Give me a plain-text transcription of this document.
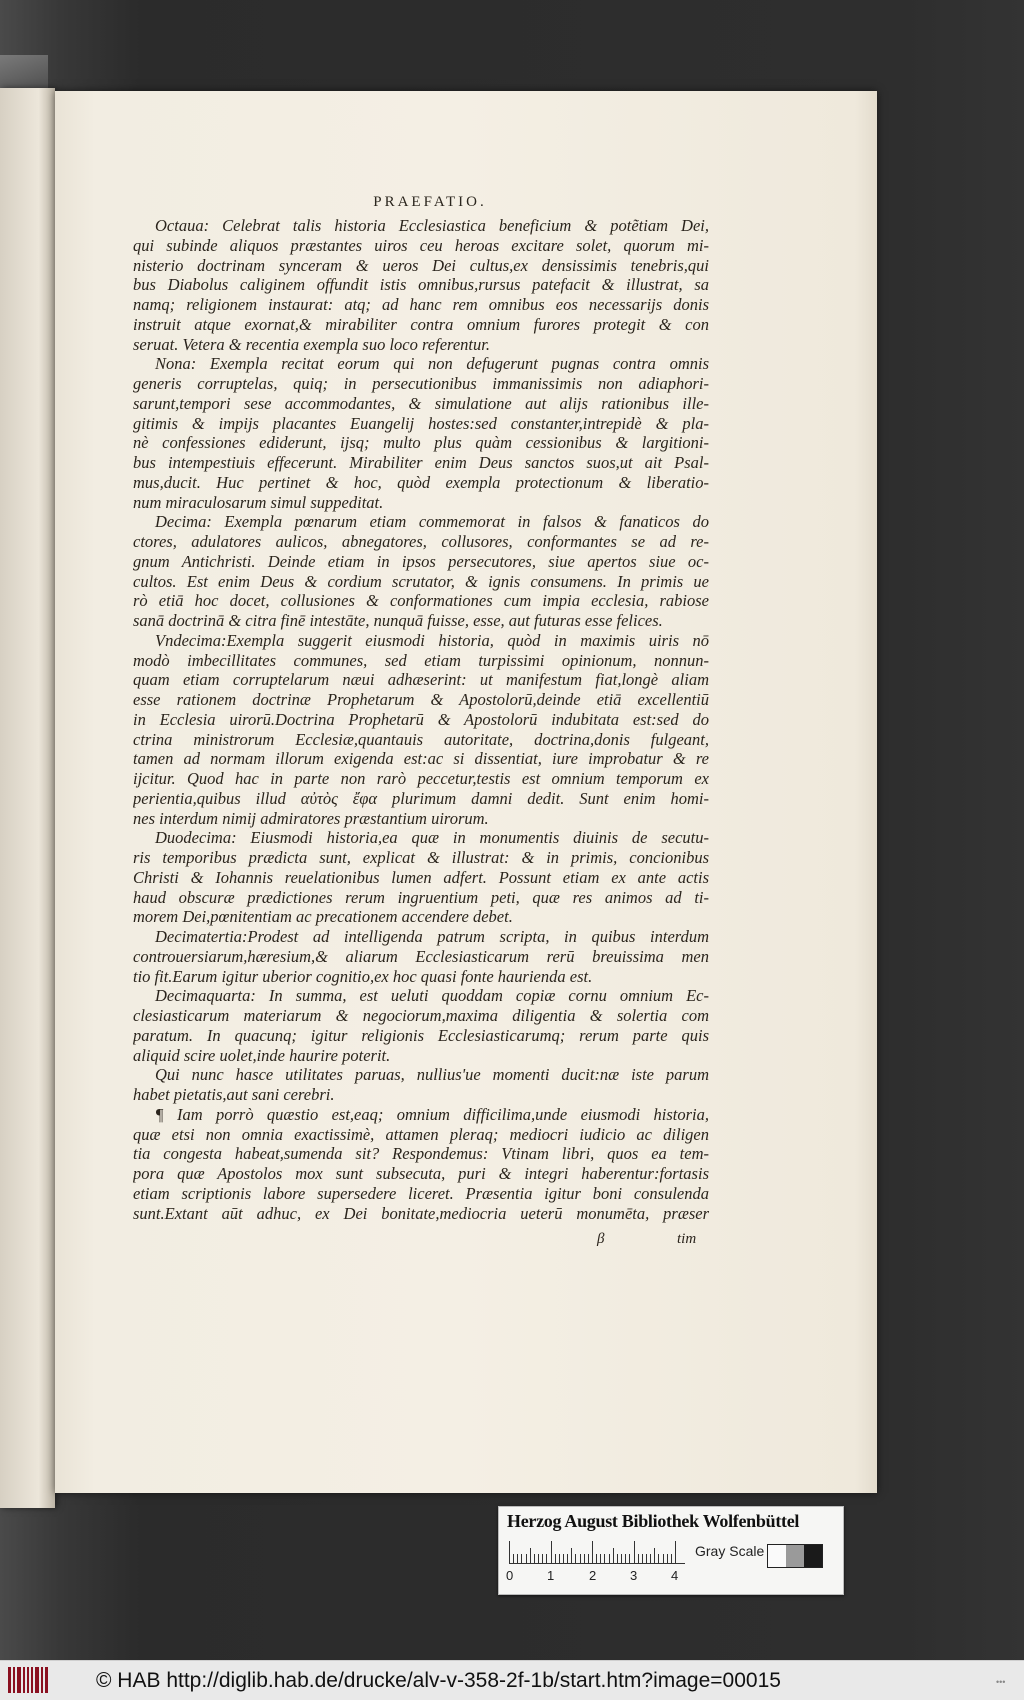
PRAEFATIO.
Octaua: Celebrat talis historia Ecclesiastica beneficium & potẽtiam Dei,
qui subinde aliquos præstantes uiros ceu heroas excitare solet, quorum mi-
nisterio doctrinam synceram & ueros Dei cultus,ex densissimis tenebris,qui
bus Diabolus caliginem offundit istis omnibus,rursus patefacit & illustrat, sa
namq; religionem instaurat: atq; ad hanc rem omnibus eos necessarijs donis
instruit atque exornat,& mirabiliter contra omnium furores protegit & con
seruat. Vetera & recentia exempla suo loco referentur.
Nona: Exempla recitat eorum qui non defugerunt pugnas contra omnis
generis corruptelas, quiq; in persecutionibus immanissimis non adiaphori-
sarunt,tempori sese accommodantes, & simulatione aut alijs rationibus ille-
gitimis & impijs placantes Euangelij hostes:sed constanter,intrepidè & pla-
nè confessiones ediderunt, ijsq; multo plus quàm cessionibus & largitioni-
bus intempestiuis effecerunt. Mirabiliter enim Deus sanctos suos,ut ait Psal-
mus,ducit. Huc pertinet & hoc, quòd exempla protectionum & liberatio-
num miraculosarum simul suppeditat.
Decima: Exempla pœnarum etiam commemorat in falsos & fanaticos do
ctores, adulatores aulicos, abnegatores, collusores, conformantes se ad re-
gnum Antichristi. Deinde etiam in ipsos persecutores, siue apertos siue oc-
cultos. Est enim Deus & cordium scrutator, & ignis consumens. In primis ue
rò etiā hoc docet, collusiones & conformationes cum impia ecclesia, rabiose
sanā doctrinā & citra finē intestāte, nunquā fuisse, esse, aut futuras esse felices.
Vndecima:Exempla suggerit eiusmodi historia, quòd in maximis uiris nō
modò imbecillitates communes, sed etiam turpissimi opinionum, nonnun-
quam etiam corruptelarum næui adhæserint: ut manifestum fiat,longè aliam
esse rationem doctrinæ Prophetarum & Apostolorū,deinde etiā excellentiū
in Ecclesia uirorū.Doctrina Prophetarū & Apostolorū indubitata est:sed do
ctrina ministrorum Ecclesiæ,quantauis autoritate, doctrina,donis fulgeant,
tamen ad normam illorum exigenda est:ac si dissentiat, iure improbatur & re
ijcitur. Quod hac in parte non rarò peccetur,testis est omnium temporum ex
perientia,quibus illud αὐτὸς ἔφα plurimum damni dedit. Sunt enim homi-
nes interdum nimij admiratores præstantium uirorum.
Duodecima: Eiusmodi historia,ea quæ in monumentis diuinis de secutu-
ris temporibus prædicta sunt, explicat & illustrat: & in primis, concionibus
Christi & Iohannis reuelationibus lumen adfert. Possunt etiam ex ante actis
haud obscuræ prædictiones rerum ingruentium peti, quæ res animos ad ti-
morem Dei,pœnitentiam ac precationem accendere debet.
Decimatertia:Prodest ad intelligenda patrum scripta, in quibus interdum
controuersiarum,hæresium,& aliarum Ecclesiasticarum rerū breuissima men
tio fit.Earum igitur uberior cognitio,ex hoc quasi fonte haurienda est.
Decimaquarta: In summa, est ueluti quoddam copiæ cornu omnium Ec-
clesiasticarum materiarum & negociorum,maxima diligentia & solertia com
paratum. In quacunq; igitur religionis Ecclesiasticarumq; rerum parte quis
aliquid scire uolet,inde haurire poterit.
Qui nunc hasce utilitates paruas, nullius'ue momenti ducit:næ iste parum
habet pietatis,aut sani cerebri.
¶ Iam porrò quæstio est,eaq; omnium difficilima,unde eiusmodi historia,
quæ etsi non omnia exactissimè, attamen pleraq; mediocri iudicio ac diligen
tia congesta habeat,sumenda sit? Respondemus: Vtinam libri, quos ea tem-
pora quæ Apostolos mox sunt subsecuta, puri & integri haberentur:fortasis
etiam scriptionis labore supersedere liceret. Præsentia igitur boni consulenda
sunt.Extant aūt adhuc, ex Dei bonitate,mediocria ueterū monumēta, præser
β	tim
Herzog August Bibliothek Wolfenbüttel
Gray Scale
0	1	2	3	4
© HAB http://diglib.hab.de/drucke/alv-v-358-2f-1b/start.htm?image=00015	•••
